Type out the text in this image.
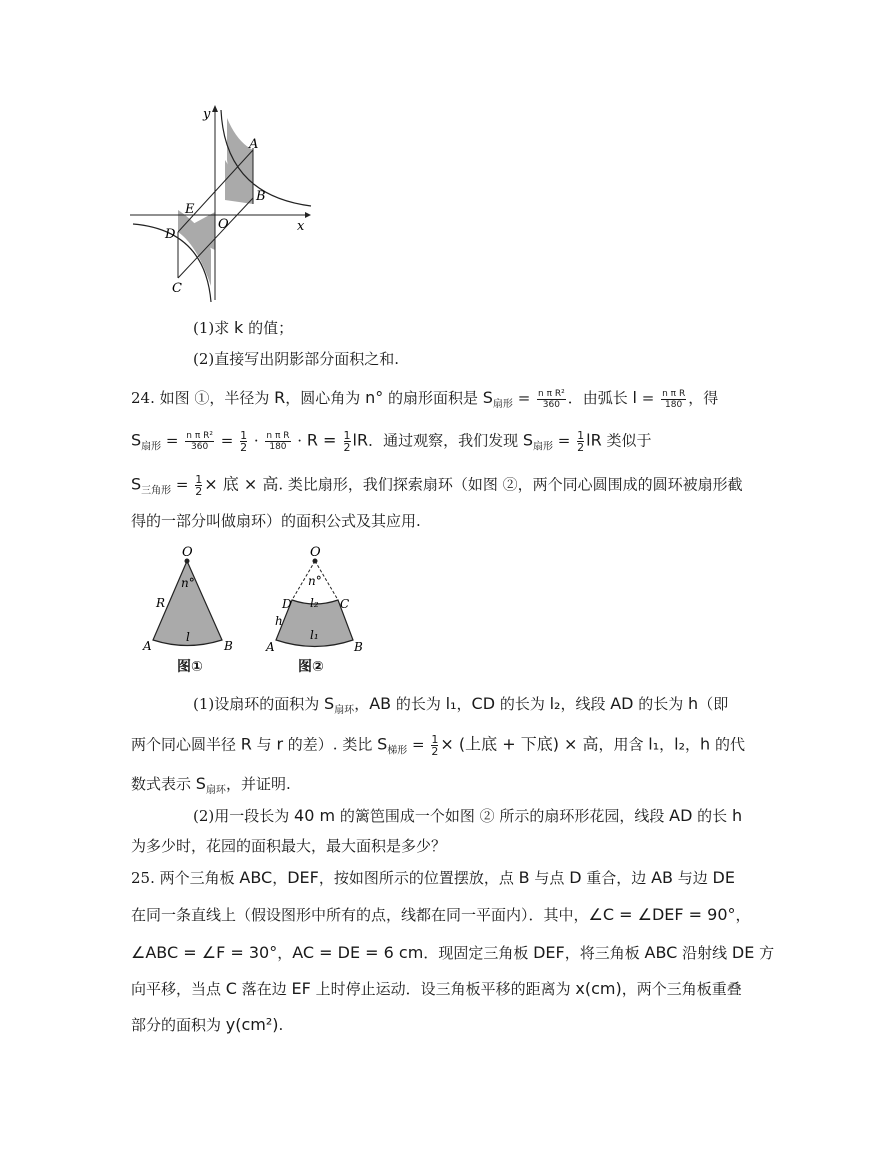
y
x
A
B
C
D
E
O
(1)求 k 的值；
(2)直接写出阴影部分面积之和.
24. 如图 ①，半径为 R，圆心角为 n° 的扇形面积是 $S_{扇形} = \frac{\text{n π R²}}{360}$ ．由弧长 $l = \frac{\text{n π R}}{180}$ ，得
$S_{扇形} = \frac{\text{n π R²}}{360} = \frac{1}{2} \cdot \frac{\text{n π R}}{180} \cdot R = \frac{1}{2}$ lR．通过观察，我们发现 $S_{扇形} = \frac{1}{2}$ lR 类似于
$S_{三角形} = \frac{1}{2}$ × 底 × 高. 类比扇形，我们探索扇环（如图 ②，两个同心圆围成的圆环被扇形截
得的一部分叫做扇环）的面积公式及其应用.
O
n°
R
l
A	B
图①
O
n°
D	C
l₂
h
l₁
A	B
图②
(1)设扇环的面积为 $S_{扇环}$，AB 的长为 l₁，CD 的长为 l₂，线段 AD 的长为 h（即
两个同心圆半径 R 与 r 的差）. 类比 $S_{梯形} = \frac{1}{2}$ × (上底 + 下底) × 高，用含 l₁，l₂，h 的代
数式表示 $S_{扇环}$，并证明.
(2)用一段长为 40 m 的篱笆围成一个如图 ② 所示的扇环形花园，线段 AD 的长 h
为多少时，花园的面积最大，最大面积是多少？
25. 两个三角板 ABC，DEF，按如图所示的位置摆放，点 B 与点 D 重合，边 AB 与边 DE
在同一条直线上（假设图形中所有的点，线都在同一平面内）．其中，∠C = ∠DEF = 90°，
∠ABC = ∠F = 30°，AC = DE = 6 cm．现固定三角板 DEF，将三角板 ABC 沿射线 DE 方
向平移，当点 C 落在边 EF 上时停止运动．设三角板平移的距离为 x(cm)，两个三角板重叠
部分的面积为 y(cm²).
